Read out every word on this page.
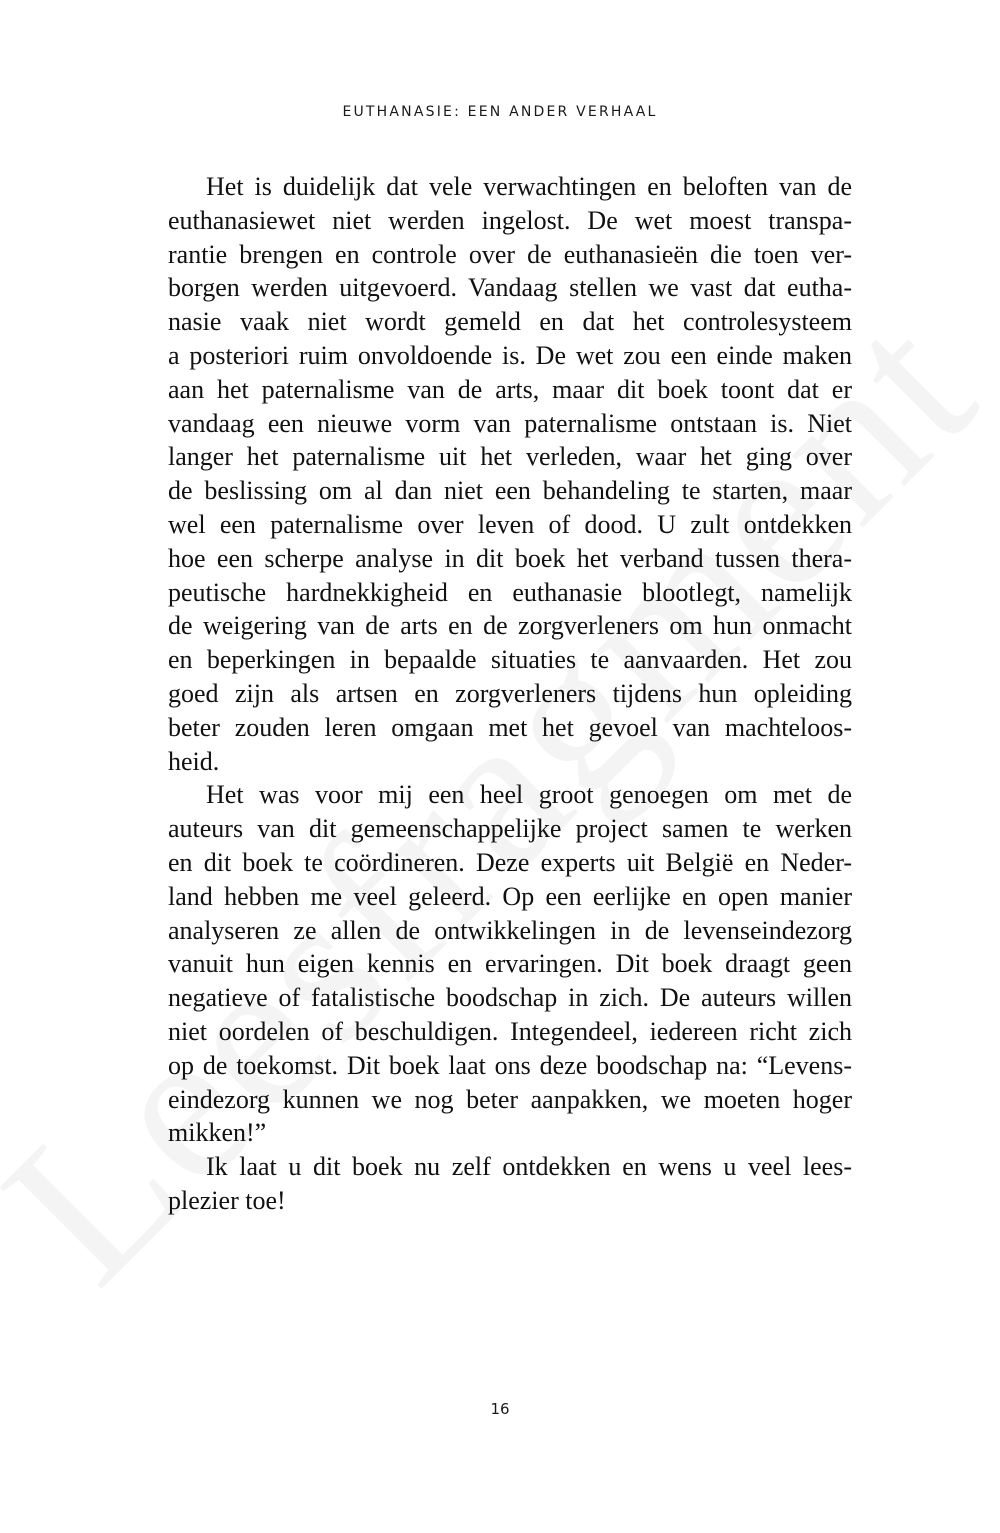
EUTHANASIE: EEN ANDER VERHAAL
Het is duidelijk dat vele verwachtingen en beloften van de
euthanasiewet niet werden ingelost. De wet moest transpa-
rantie brengen en controle over de euthanasieën die toen ver-
borgen werden uitgevoerd. Vandaag stellen we vast dat eutha-
nasie vaak niet wordt gemeld en dat het controlesysteem
a posteriori ruim onvoldoende is. De wet zou een einde maken
aan het paternalisme van de arts, maar dit boek toont dat er
vandaag een nieuwe vorm van paternalisme ontstaan is. Niet
langer het paternalisme uit het verleden, waar het ging over
de beslissing om al dan niet een behandeling te starten, maar
wel een paternalisme over leven of dood. U zult ontdekken
hoe een scherpe analyse in dit boek het verband tussen thera-
peutische hardnekkigheid en euthanasie blootlegt, namelijk
de weigering van de arts en de zorgverleners om hun onmacht
en beperkingen in bepaalde situaties te aanvaarden. Het zou
goed zijn als artsen en zorgverleners tijdens hun opleiding
beter zouden leren omgaan met het gevoel van machteloos-
heid.
Het was voor mij een heel groot genoegen om met de
auteurs van dit gemeenschappelijke project samen te werken
en dit boek te coördineren. Deze experts uit België en Neder-
land hebben me veel geleerd. Op een eerlijke en open manier
analyseren ze allen de ontwikkelingen in de levenseindezorg
vanuit hun eigen kennis en ervaringen. Dit boek draagt geen
negatieve of fatalistische boodschap in zich. De auteurs willen
niet oordelen of beschuldigen. Integendeel, iedereen richt zich
op de toekomst. Dit boek laat ons deze boodschap na: “Levens-
eindezorg kunnen we nog beter aanpakken, we moeten hoger
mikken!”
Ik laat u dit boek nu zelf ontdekken en wens u veel lees-
plezier toe!
16
